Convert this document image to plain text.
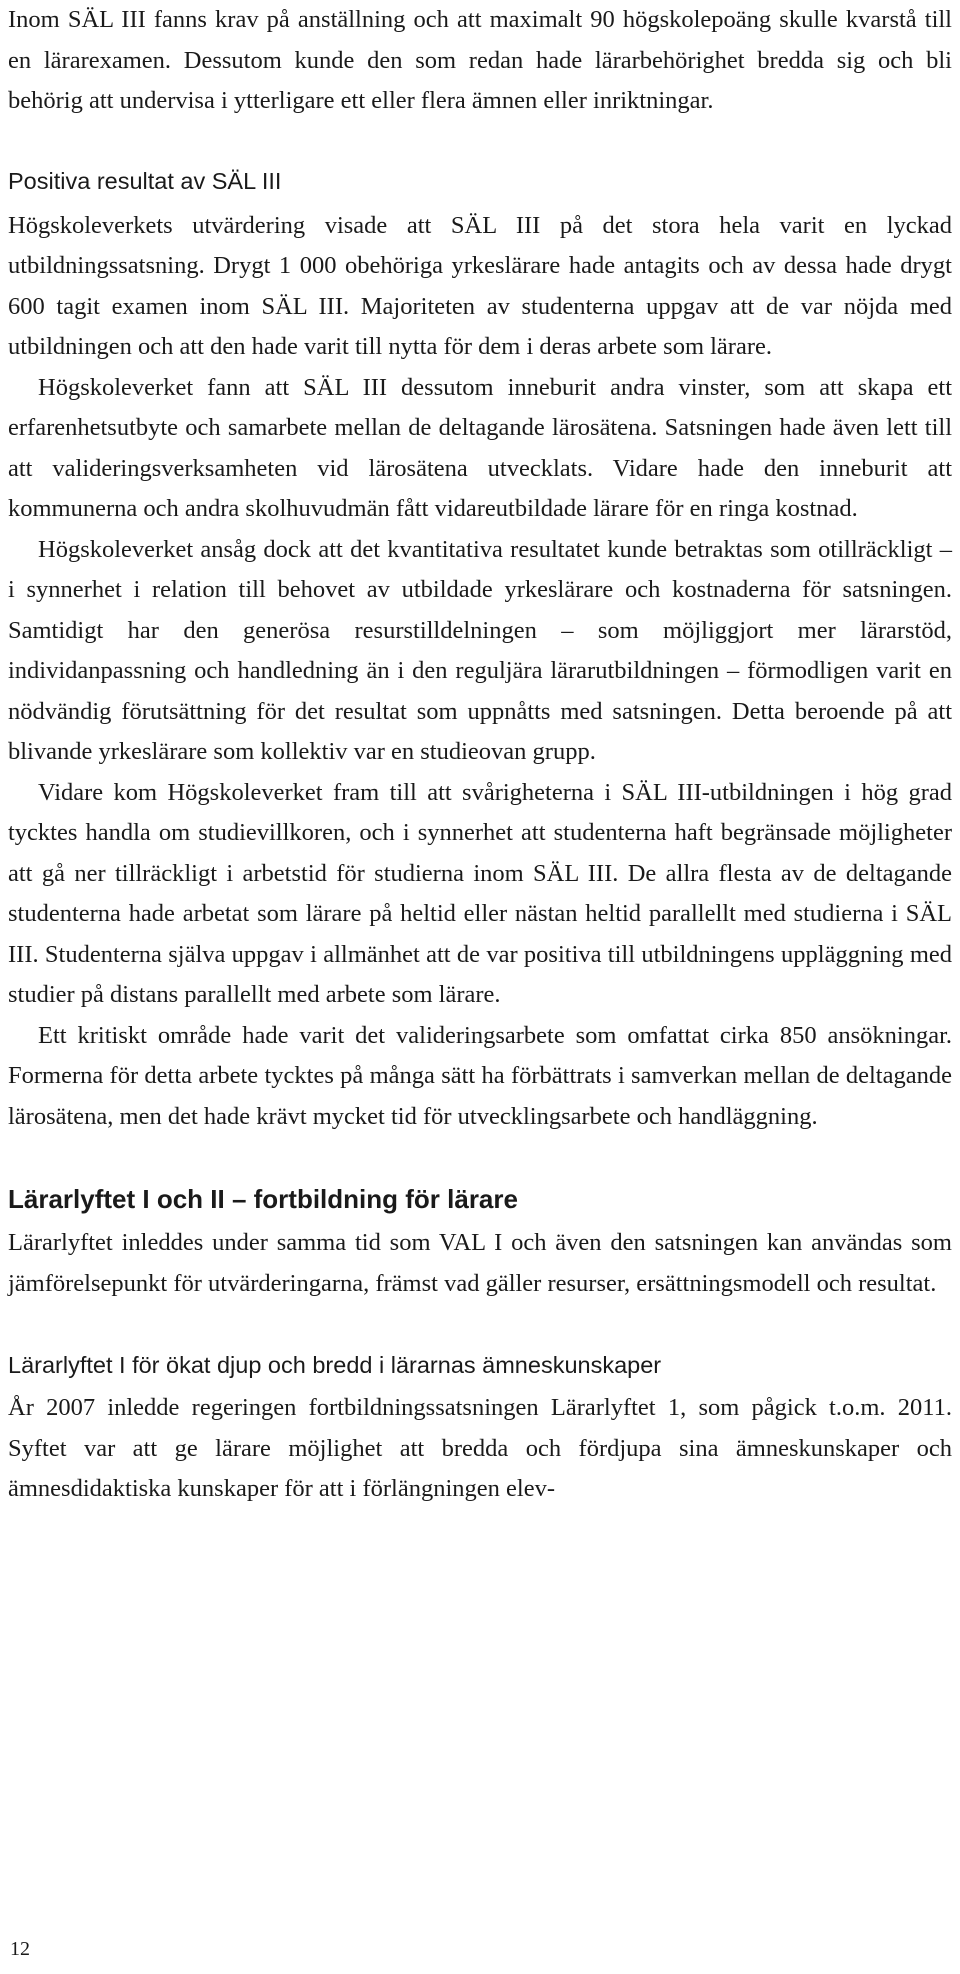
Inom SÄL III fanns krav på anställning och att maximalt 90 högskolepoäng skulle kvarstå till en lärarexamen. Dessutom kunde den som redan hade lärarbehörighet bredda sig och bli behörig att undervisa i ytterligare ett eller flera ämnen eller inriktningar.

Positiva resultat av SÄL III

Högskoleverkets utvärdering visade att SÄL III på det stora hela varit en lyckad utbildningssatsning. Drygt 1 000 obehöriga yrkeslärare hade antagits och av dessa hade drygt 600 tagit examen inom SÄL III. Majoriteten av studenterna uppgav att de var nöjda med utbildningen och att den hade varit till nytta för dem i deras arbete som lärare.

Högskoleverket fann att SÄL III dessutom inneburit andra vinster, som att skapa ett erfarenhetsutbyte och samarbete mellan de deltagande lärosätena. Satsningen hade även lett till att valideringsverksamheten vid lärosätena utvecklats. Vidare hade den inneburit att kommunerna och andra skolhuvudmän fått vidareutbildade lärare för en ringa kostnad.

Högskoleverket ansåg dock att det kvantitativa resultatet kunde betraktas som otillräckligt – i synnerhet i relation till behovet av utbildade yrkeslärare och kostnaderna för satsningen. Samtidigt har den generösa resurstilldelningen – som möjliggjort mer lärarstöd, individanpassning och handledning än i den reguljära lärarutbildningen – förmodligen varit en nödvändig förutsättning för det resultat som uppnåtts med satsningen. Detta beroende på att blivande yrkeslärare som kollektiv var en studieovan grupp.

Vidare kom Högskoleverket fram till att svårigheterna i SÄL III-utbildningen i hög grad tycktes handla om studievillkoren, och i synnerhet att studenterna haft begränsade möjligheter att gå ner tillräckligt i arbetstid för studierna inom SÄL III. De allra flesta av de deltagande studenterna hade arbetat som lärare på heltid eller nästan heltid parallellt med studierna i SÄL III. Studenterna själva uppgav i allmänhet att de var positiva till utbildningens uppläggning med studier på distans parallellt med arbete som lärare.

Ett kritiskt område hade varit det valideringsarbete som omfattat cirka 850 ansökningar. Formerna för detta arbete tycktes på många sätt ha förbättrats i samverkan mellan de deltagande lärosätena, men det hade krävt mycket tid för utvecklingsarbete och handläggning.

Lärarlyftet I och II – fortbildning för lärare

Lärarlyftet inleddes under samma tid som VAL I och även den satsningen kan användas som jämförelsepunkt för utvärderingarna, främst vad gäller resurser, ersättningsmodell och resultat.

Lärarlyftet I för ökat djup och bredd i lärarnas ämneskunskaper

År 2007 inledde regeringen fortbildningssatsningen Lärarlyftet 1, som pågick t.o.m. 2011. Syftet var att ge lärare möjlighet att bredda och fördjupa sina ämneskunskaper och ämnesdidaktiska kunskaper för att i förlängningen elev-

12
